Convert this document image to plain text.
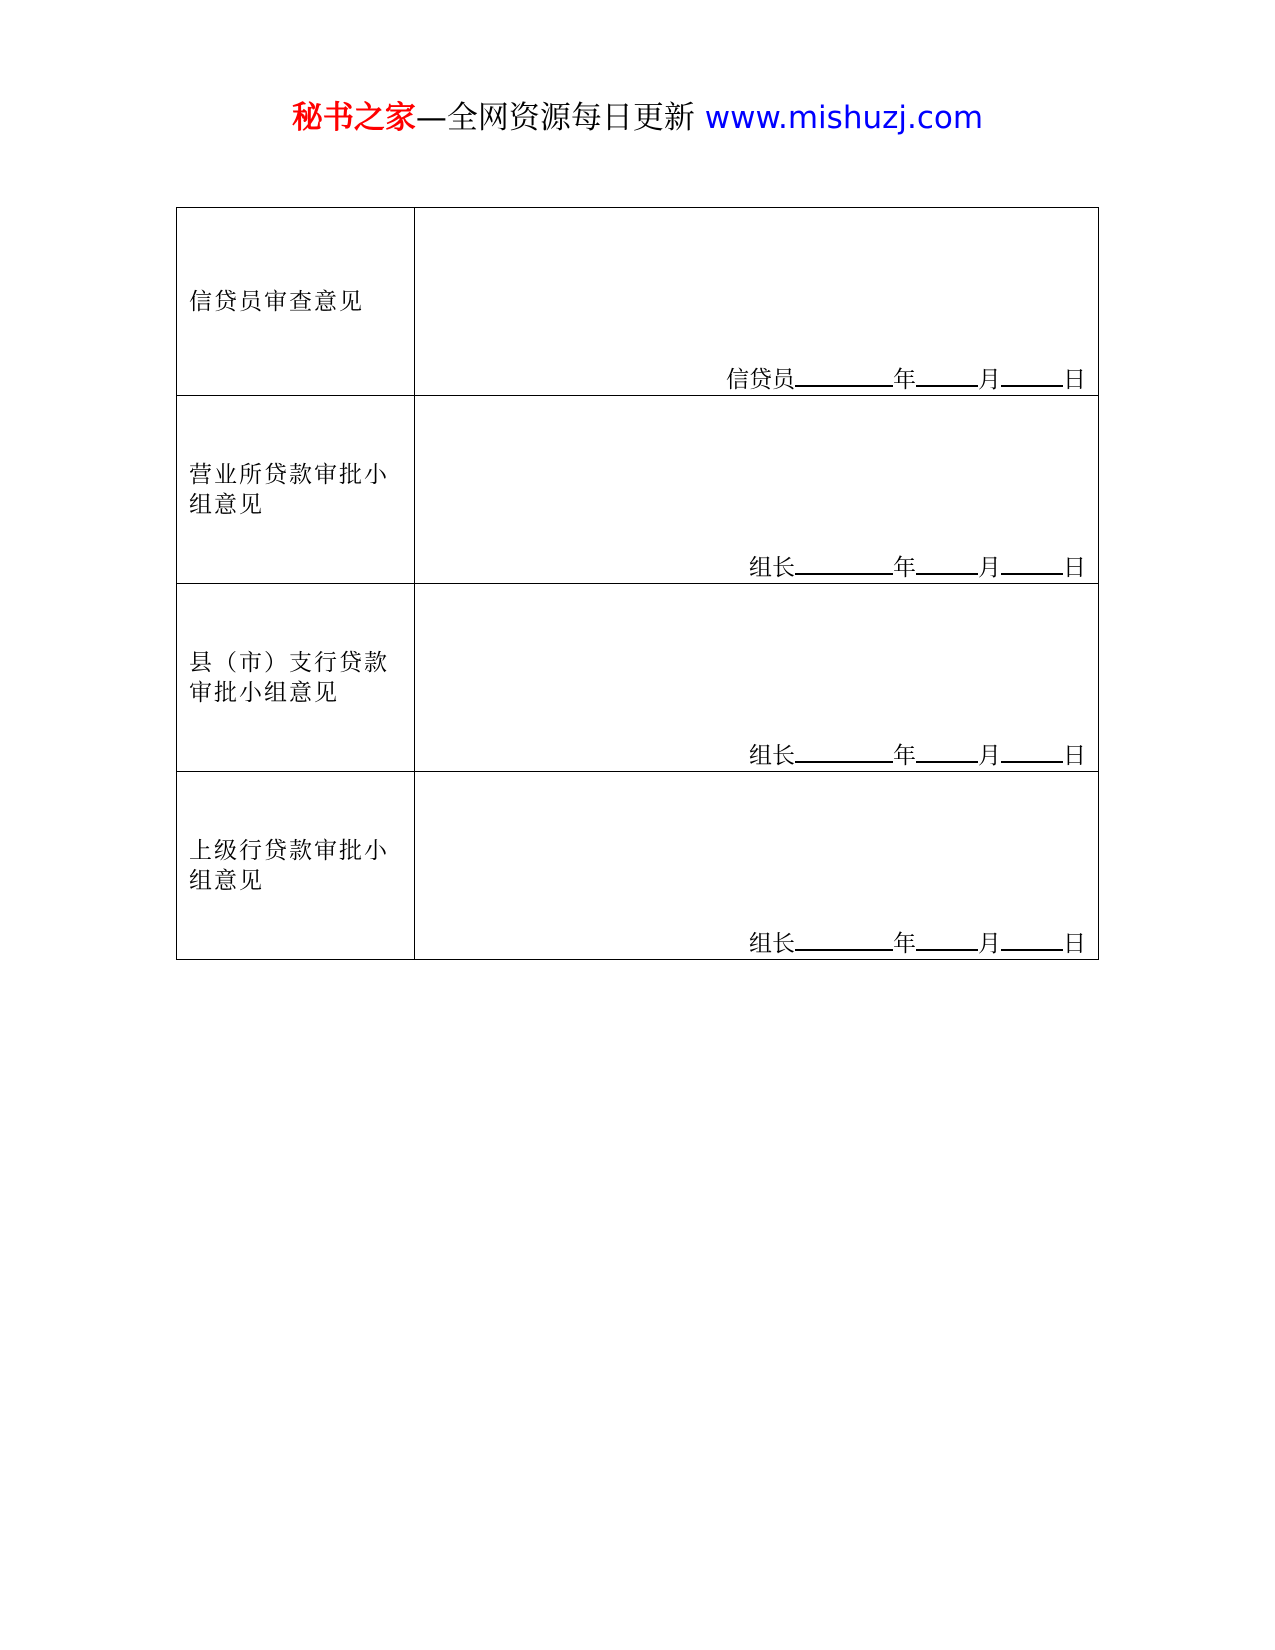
秘书之家—全网资源每日更新 www.mishuzj.com
信贷员审查意见	信贷员 年 月 日

营业所贷款审批小组意见	组长 年 月 日

县（市）支行贷款审批小组意见	组长 年 月 日

上级行贷款审批小组意见	组长 年 月 日
